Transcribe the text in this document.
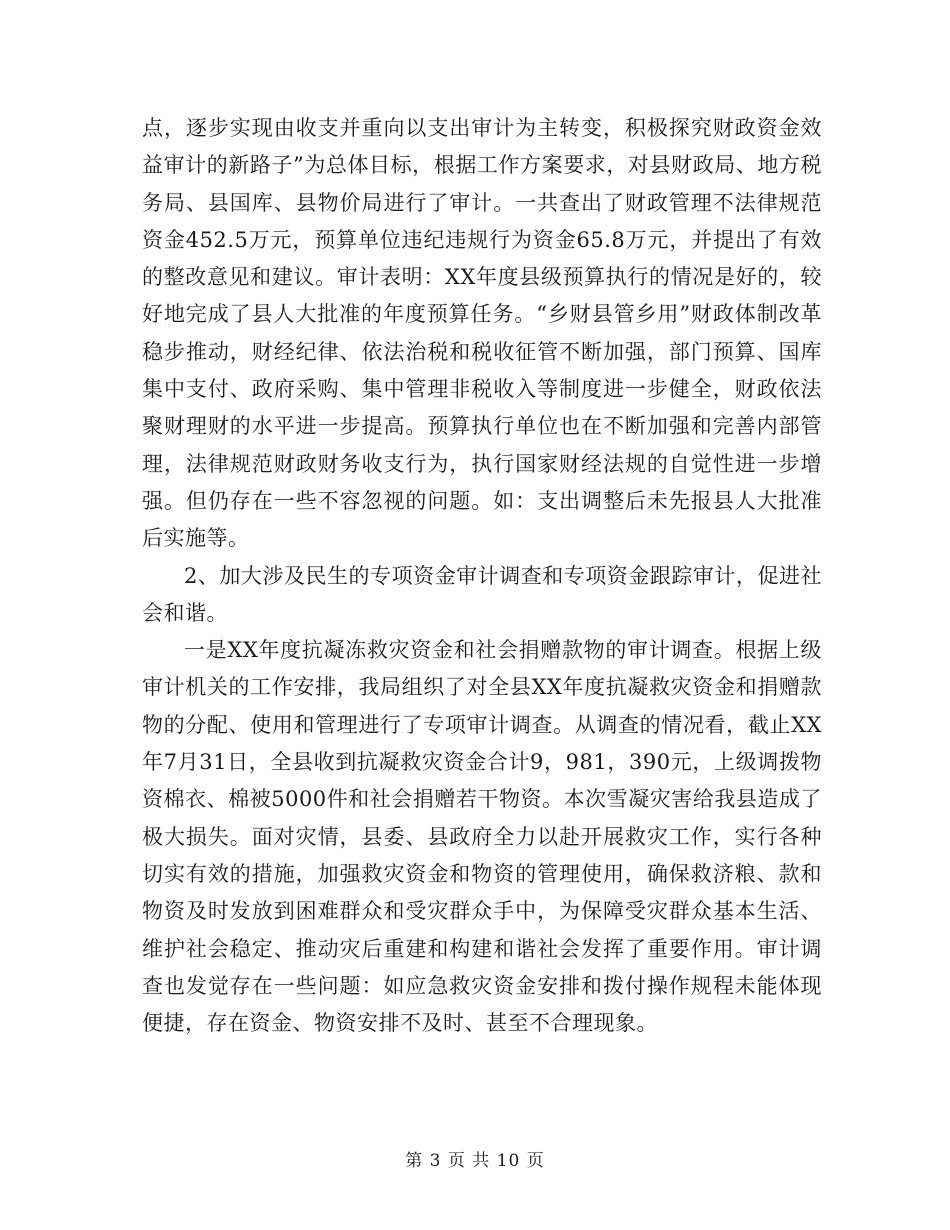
点，逐步实现由收支并重向以支出审计为主转变，积极探究财政资金效益审计的新路子”为总体目标，根据工作方案要求，对县财政局、地方税务局、县国库、县物价局进行了审计。一共查出了财政管理不法律规范资金452.5万元，预算单位违纪违规行为资金65.8万元，并提出了有效的整改意见和建议。审计表明：XX年度县级预算执行的情况是好的，较好地完成了县人大批准的年度预算任务。“乡财县管乡用”财政体制改革稳步推动，财经纪律、依法治税和税收征管不断加强，部门预算、国库集中支付、政府采购、集中管理非税收入等制度进一步健全，财政依法聚财理财的水平进一步提高。预算执行单位也在不断加强和完善内部管理，法律规范财政财务收支行为，执行国家财经法规的自觉性进一步增强。但仍存在一些不容忽视的问题。如：支出调整后未先报县人大批准后实施等。

2、加大涉及民生的专项资金审计调查和专项资金跟踪审计，促进社会和谐。

一是XX年度抗凝冻救灾资金和社会捐赠款物的审计调查。根据上级审计机关的工作安排，我局组织了对全县XX年度抗凝救灾资金和捐赠款物的分配、使用和管理进行了专项审计调查。从调查的情况看，截止XX年7月31日，全县收到抗凝救灾资金合计9，981，390元，上级调拨物资棉衣、棉被5000件和社会捐赠若干物资。本次雪凝灾害给我县造成了极大损失。面对灾情，县委、县政府全力以赴开展救灾工作，实行各种切实有效的措施，加强救灾资金和物资的管理使用，确保救济粮、款和物资及时发放到困难群众和受灾群众手中，为保障受灾群众基本生活、维护社会稳定、推动灾后重建和构建和谐社会发挥了重要作用。审计调查也发觉存在一些问题：如应急救灾资金安排和拨付操作规程未能体现便捷，存在资金、物资安排不及时、甚至不合理现象。

第 3 页 共 10 页
